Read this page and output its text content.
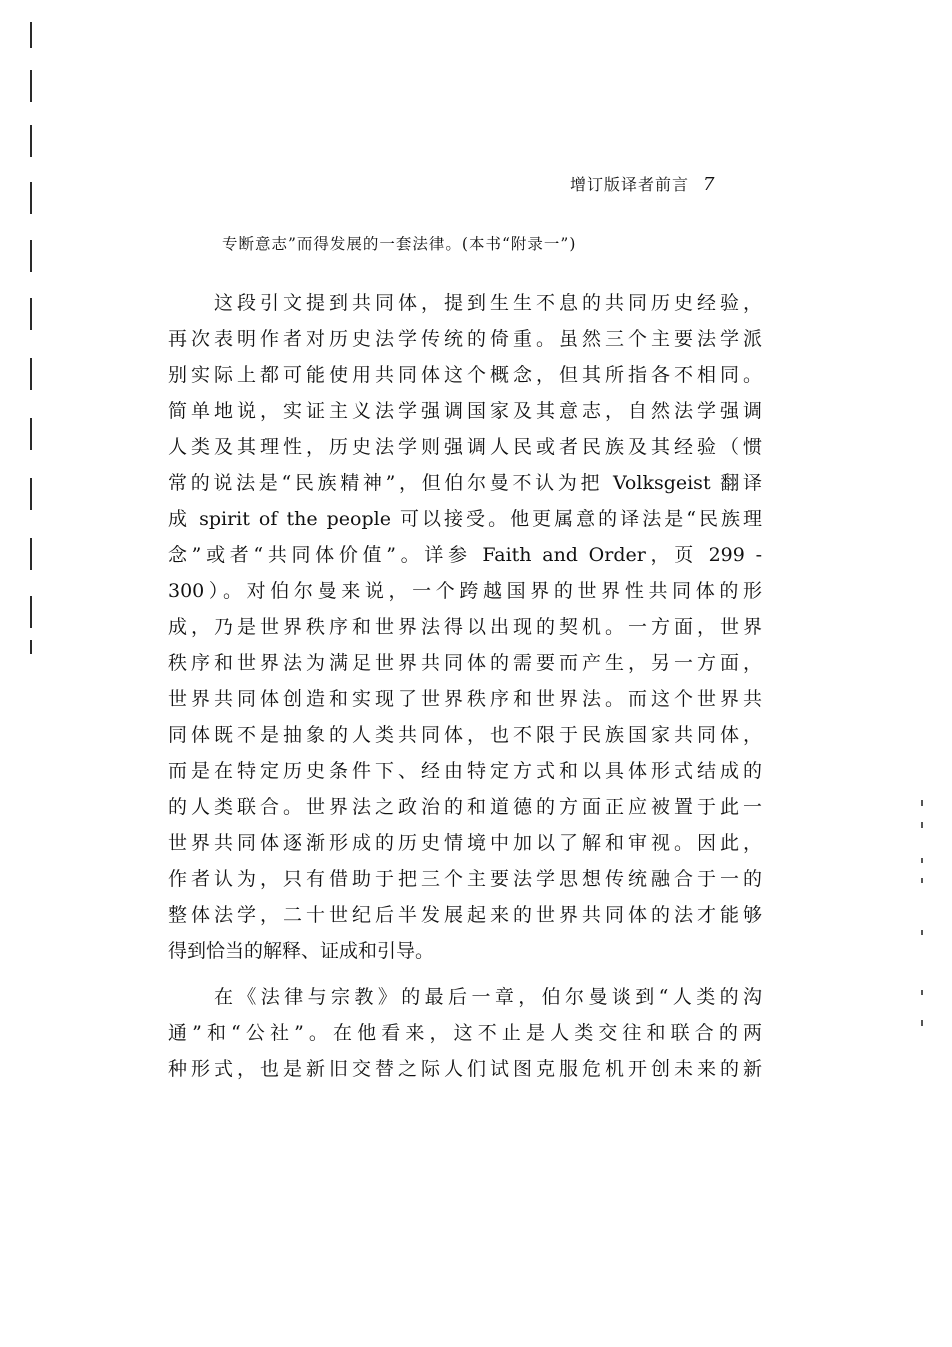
增订版译者前言 7
专断意志”而得发展的一套法律。(本书“附录一”)
这段引文提到共同体，提到生生不息的共同历史经验，
再次表明作者对历史法学传统的倚重。虽然三个主要法学派
别实际上都可能使用共同体这个概念，但其所指各不相同。
简单地说，实证主义法学强调国家及其意志，自然法学强调
人类及其理性，历史法学则强调人民或者民族及其经验（惯
常的说法是“民族精神”，但伯尔曼不认为把 Volksgeist 翻译
成 spirit of the people 可以接受。他更属意的译法是“民族理
念”或者“共同体价值”。详参 Faith and Order，页 299 -
300）。对伯尔曼来说，一个跨越国界的世界性共同体的形
成，乃是世界秩序和世界法得以出现的契机。一方面，世界
秩序和世界法为满足世界共同体的需要而产生，另一方面，
世界共同体创造和实现了世界秩序和世界法。而这个世界共
同体既不是抽象的人类共同体，也不限于民族国家共同体，
而是在特定历史条件下、经由特定方式和以具体形式结成的
的人类联合。世界法之政治的和道德的方面正应被置于此一
世界共同体逐渐形成的历史情境中加以了解和审视。因此，
作者认为，只有借助于把三个主要法学思想传统融合于一的
整体法学，二十世纪后半发展起来的世界共同体的法才能够
得到恰当的解释、证成和引导。
在《法律与宗教》的最后一章，伯尔曼谈到“人类的沟
通”和“公社”。在他看来，这不止是人类交往和联合的两
种形式，也是新旧交替之际人们试图克服危机开创未来的新
